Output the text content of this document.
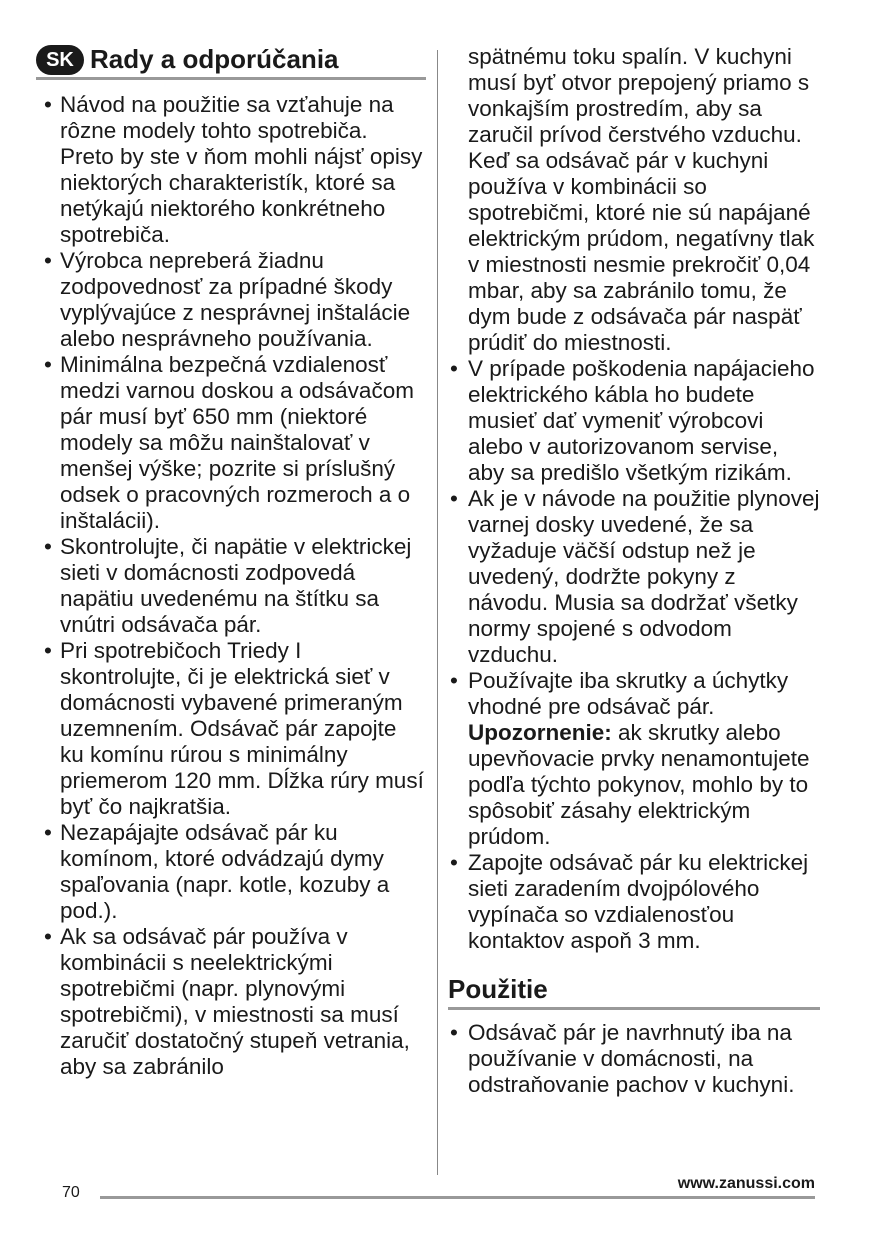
SK Rady a odporúčania
• Návod na použitie sa vzťahuje na rôzne modely tohto spotrebiča. Preto by ste v ňom mohli nájsť opisy niektorých charakteristík, ktoré sa netýkajú niektorého konkrétneho spotrebiča.
• Výrobca nepreberá žiadnu zodpovednosť za prípadné škody vyplývajúce z nesprávnej inštalácie alebo nesprávneho používania.
• Minimálna bezpečná vzdialenosť medzi varnou doskou a odsávačom pár musí byť 650 mm (niektoré modely sa môžu nainštalovať v menšej výške; pozrite si príslušný odsek o pracovných rozmeroch a o inštalácii).
• Skontrolujte, či napätie v elektrickej sieti v domácnosti zodpovedá napätiu uvedenému na štítku sa vnútri odsávača pár.
• Pri spotrebičoch Triedy I skontrolujte, či je elektrická sieť v domácnosti vybavené primeraným uzemnením. Odsávač pár zapojte ku komínu rúrou s minimálny priemerom 120 mm. Dĺžka rúry musí byť čo najkratšia.
• Nezapájajte odsávač pár ku komínom, ktoré odvádzajú dymy spaľovania (napr. kotle, kozuby a pod.).
• Ak sa odsávač pár používa v kombinácii s neelektrickými spotrebičmi (napr. plynovými spotrebičmi), v miestnosti sa musí zaručiť dostatočný stupeň vetrania, aby sa zabránilo
spätnému toku spalín. V kuchyni musí byť otvor prepojený priamo s vonkajším prostredím, aby sa zaručil prívod čerstvého vzduchu. Keď sa odsávač pár v kuchyni používa v kombinácii so spotrebičmi, ktoré nie sú napájané elektrickým prúdom, negatívny tlak v miestnosti nesmie prekročiť 0,04 mbar, aby sa zabránilo tomu, že dym bude z odsávača pár naspäť prúdiť do miestnosti.
• V prípade poškodenia napájacieho elektrického kábla ho budete musieť dať vymeniť výrobcovi alebo v autorizovanom servise, aby sa predišlo všetkým rizikám.
• Ak je v návode na použitie plynovej varnej dosky uvedené, že sa vyžaduje väčší odstup než je uvedený, dodržte pokyny z návodu. Musia sa dodržať všetky normy spojené s odvodom vzduchu.
• Používajte iba skrutky a úchytky vhodné pre odsávač pár. Upozornenie: ak skrutky alebo upevňovacie prvky nenamontujete podľa týchto pokynov, mohlo by to spôsobiť zásahy elektrickým prúdom.
• Zapojte odsávač pár ku elektrickej sieti zaradením dvojpólového vypínača so vzdialenosťou kontaktov aspoň 3 mm.
Použitie
• Odsávač pár je navrhnutý iba na používanie v domácnosti, na odstraňovanie pachov v kuchyni.
70
www.zanussi.com
